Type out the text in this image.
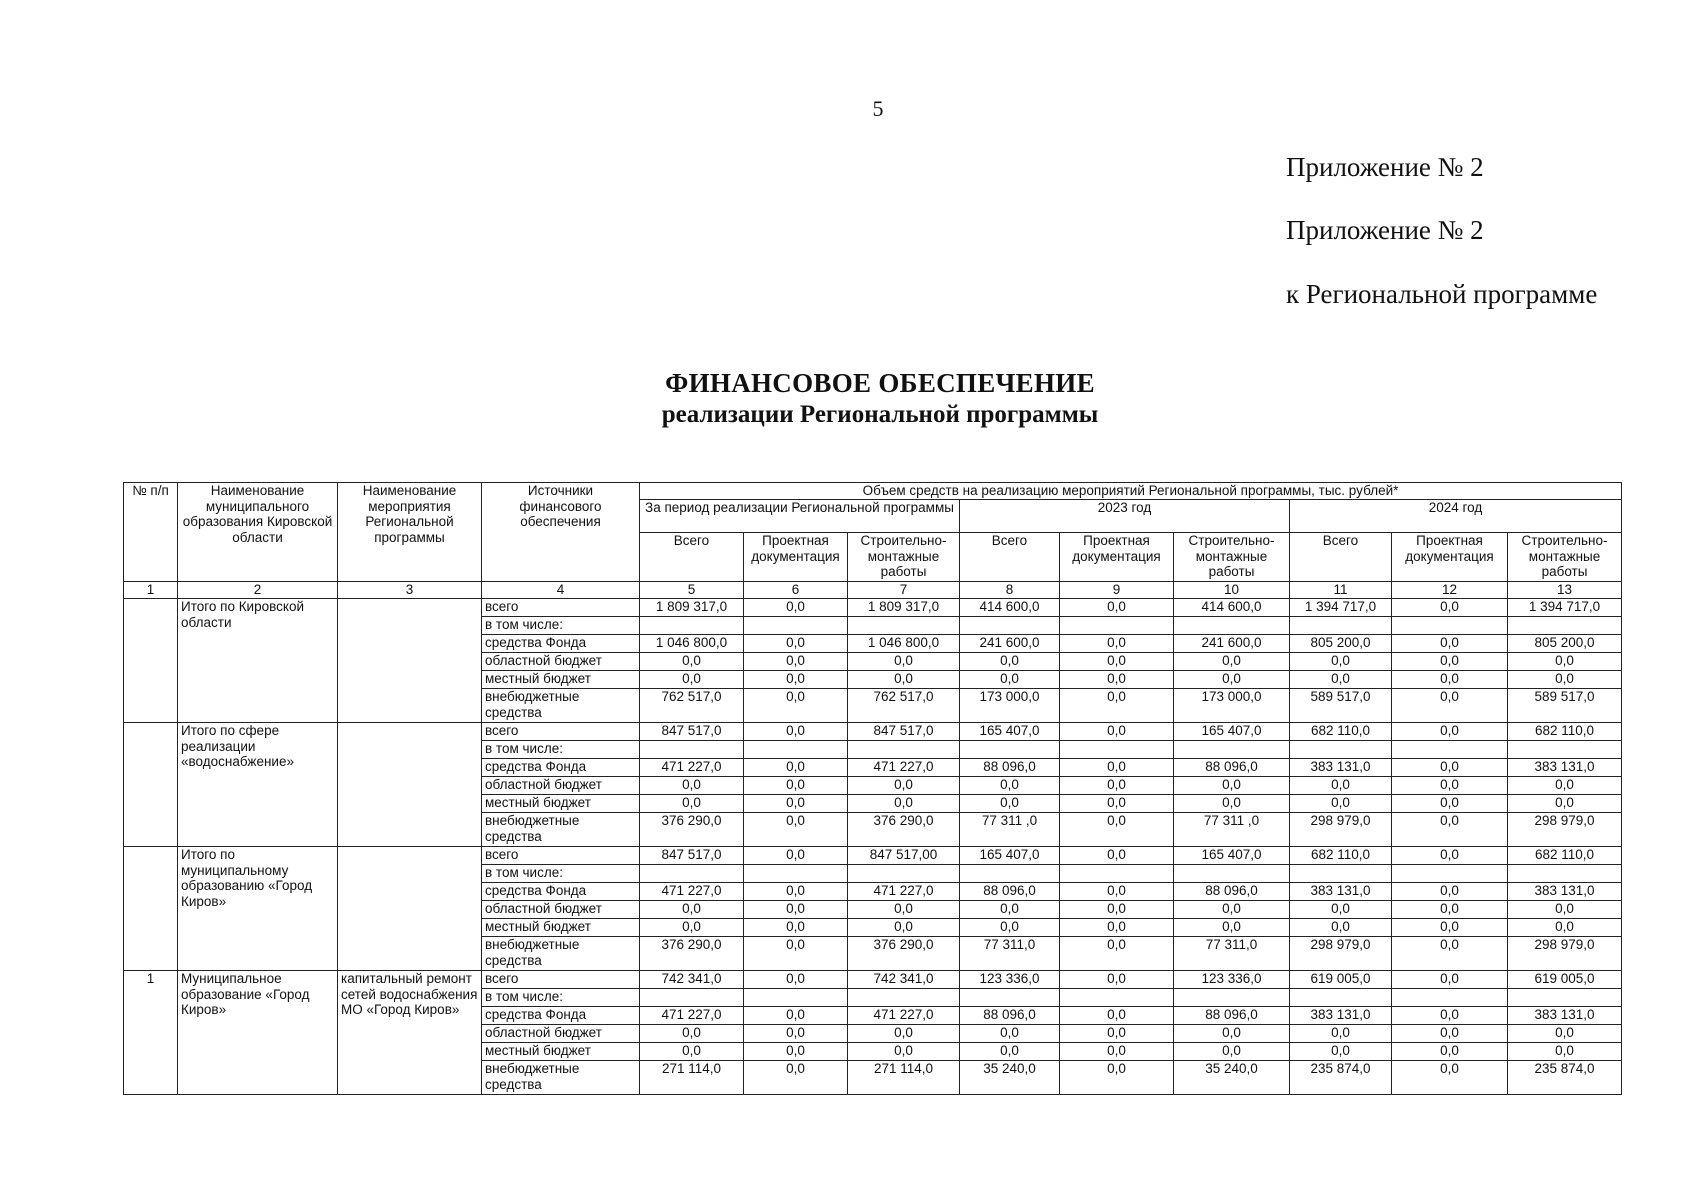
5
Приложение № 2
Приложение № 2
к Региональной программе
ФИНАНСОВОЕ ОБЕСПЕЧЕНИЕ
реализации Региональной программы
№ п/п	Наименование муниципального образования Кировской области	Наименование мероприятия Региональной программы	Источники финансового обеспечения	Объем средств на реализацию мероприятий Региональной программы, тыс. рублей*								
				За период реализации Региональной программы			2023 год			2024 год		
				Всего	Проектная документация	Строительно-монтажные работы	Всего	Проектная документация	Строительно-монтажные работы	Всего	Проектная документация	Строительно-монтажные работы
1	2	3	4	5	6	7	8	9	10	11	12	13
	Итого по Кировской области		всего	1 809 317,0	0,0	1 809 317,0	414 600,0	0,0	414 600,0	1 394 717,0	0,0	1 394 717,0
			в том числе:									
			средства Фонда	1 046 800,0	0,0	1 046 800,0	241 600,0	0,0	241 600,0	805 200,0	0,0	805 200,0
			областной бюджет	0,0	0,0	0,0	0,0	0,0	0,0	0,0	0,0	0,0
			местный бюджет	0,0	0,0	0,0	0,0	0,0	0,0	0,0	0,0	0,0
			внебюджетные средства	762 517,0	0,0	762 517,0	173 000,0	0,0	173 000,0	589 517,0	0,0	589 517,0
	Итого по сфере реализации «водоснабжение»		всего	847 517,0	0,0	847 517,0	165 407,0	0,0	165 407,0	682 110,0	0,0	682 110,0
			в том числе:									
			средства Фонда	471 227,0	0,0	471 227,0	88 096,0	0,0	88 096,0	383 131,0	0,0	383 131,0
			областной бюджет	0,0	0,0	0,0	0,0	0,0	0,0	0,0	0,0	0,0
			местный бюджет	0,0	0,0	0,0	0,0	0,0	0,0	0,0	0,0	0,0
			внебюджетные средства	376 290,0	0,0	376 290,0	77 311 ,0	0,0	77 311 ,0	298 979,0	0,0	298 979,0
	Итого по муниципальному образованию «Город Киров»		всего	847 517,0	0,0	847 517,00	165 407,0	0,0	165 407,0	682 110,0	0,0	682 110,0
			в том числе:									
			средства Фонда	471 227,0	0,0	471 227,0	88 096,0	0,0	88 096,0	383 131,0	0,0	383 131,0
			областной бюджет	0,0	0,0	0,0	0,0	0,0	0,0	0,0	0,0	0,0
			местный бюджет	0,0	0,0	0,0	0,0	0,0	0,0	0,0	0,0	0,0
			внебюджетные средства	376 290,0	0,0	376 290,0	77 311,0	0,0	77 311,0	298 979,0	0,0	298 979,0
1	Муниципальное образование «Город Киров»	капитальный ремонт сетей водоснабжения МО «Город Киров»	всего	742 341,0	0,0	742 341,0	123 336,0	0,0	123 336,0	619 005,0	0,0	619 005,0
			в том числе:									
			средства Фонда	471 227,0	0,0	471 227,0	88 096,0	0,0	88 096,0	383 131,0	0,0	383 131,0
			областной бюджет	0,0	0,0	0,0	0,0	0,0	0,0	0,0	0,0	0,0
			местный бюджет	0,0	0,0	0,0	0,0	0,0	0,0	0,0	0,0	0,0
			внебюджетные средства	271 114,0	0,0	271 114,0	35 240,0	0,0	35 240,0	235 874,0	0,0	235 874,0
